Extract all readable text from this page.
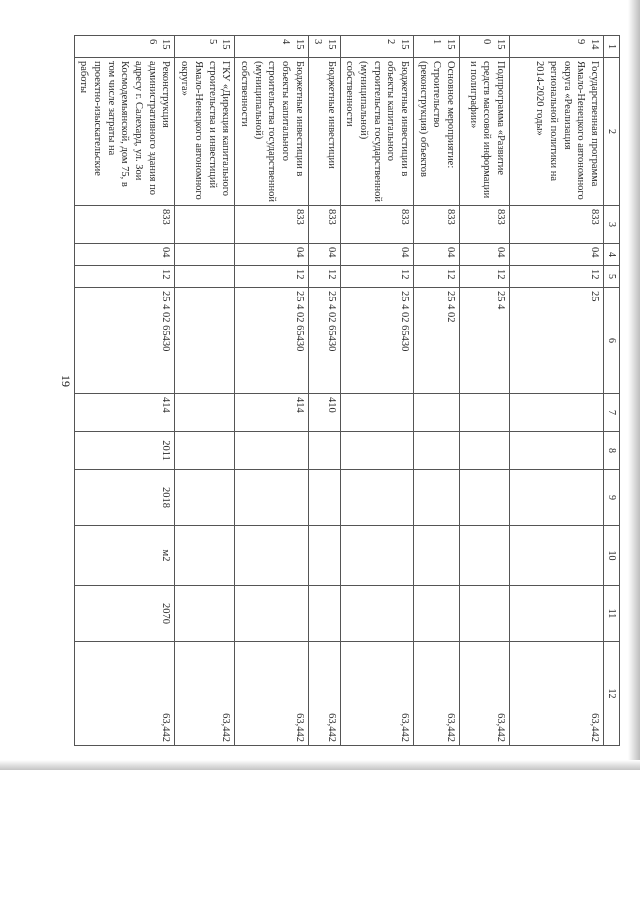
19
1	2	3	4	5	6	7	8	9	10	11	12
149	Государственная программа Ямало-Ненецкого автономного округа «Реализация региональной политики на 2014-2020 годы»	833	04	12	25						63,442
150	Подпрограмма «Развитие средств массовой информации и полиграфии»	833	04	12	25 4						63,442
151	Основное мероприятие: Строительство (реконструкция) объектов	833	04	12	25 4 02						63,442
152	Бюджетные инвестиции в объекты капитального строительства государственной (муниципальной) собственности	833	04	12	25 4 02 65430						63,442
153	Бюджетные инвестиции	833	04	12	25 4 02 65430	410					63,442
154	Бюджетные инвестиции в объекты капитального строительства государственной (муниципальной) собственности	833	04	12	25 4 02 65430	414					63,442
155	ГКУ «Дирекция капитального строительства и инвестиций Ямало-Ненецкого автономного округа»										63,442
156	Реконструкция административного здания по адресу г. Салехард, ул. Зои Космодемьянской, дом 75, в том числе затраты на проектно-изыскательские работы	833	04	12	25 4 02 65430	414	2011	2018	м2	2070	63,442
